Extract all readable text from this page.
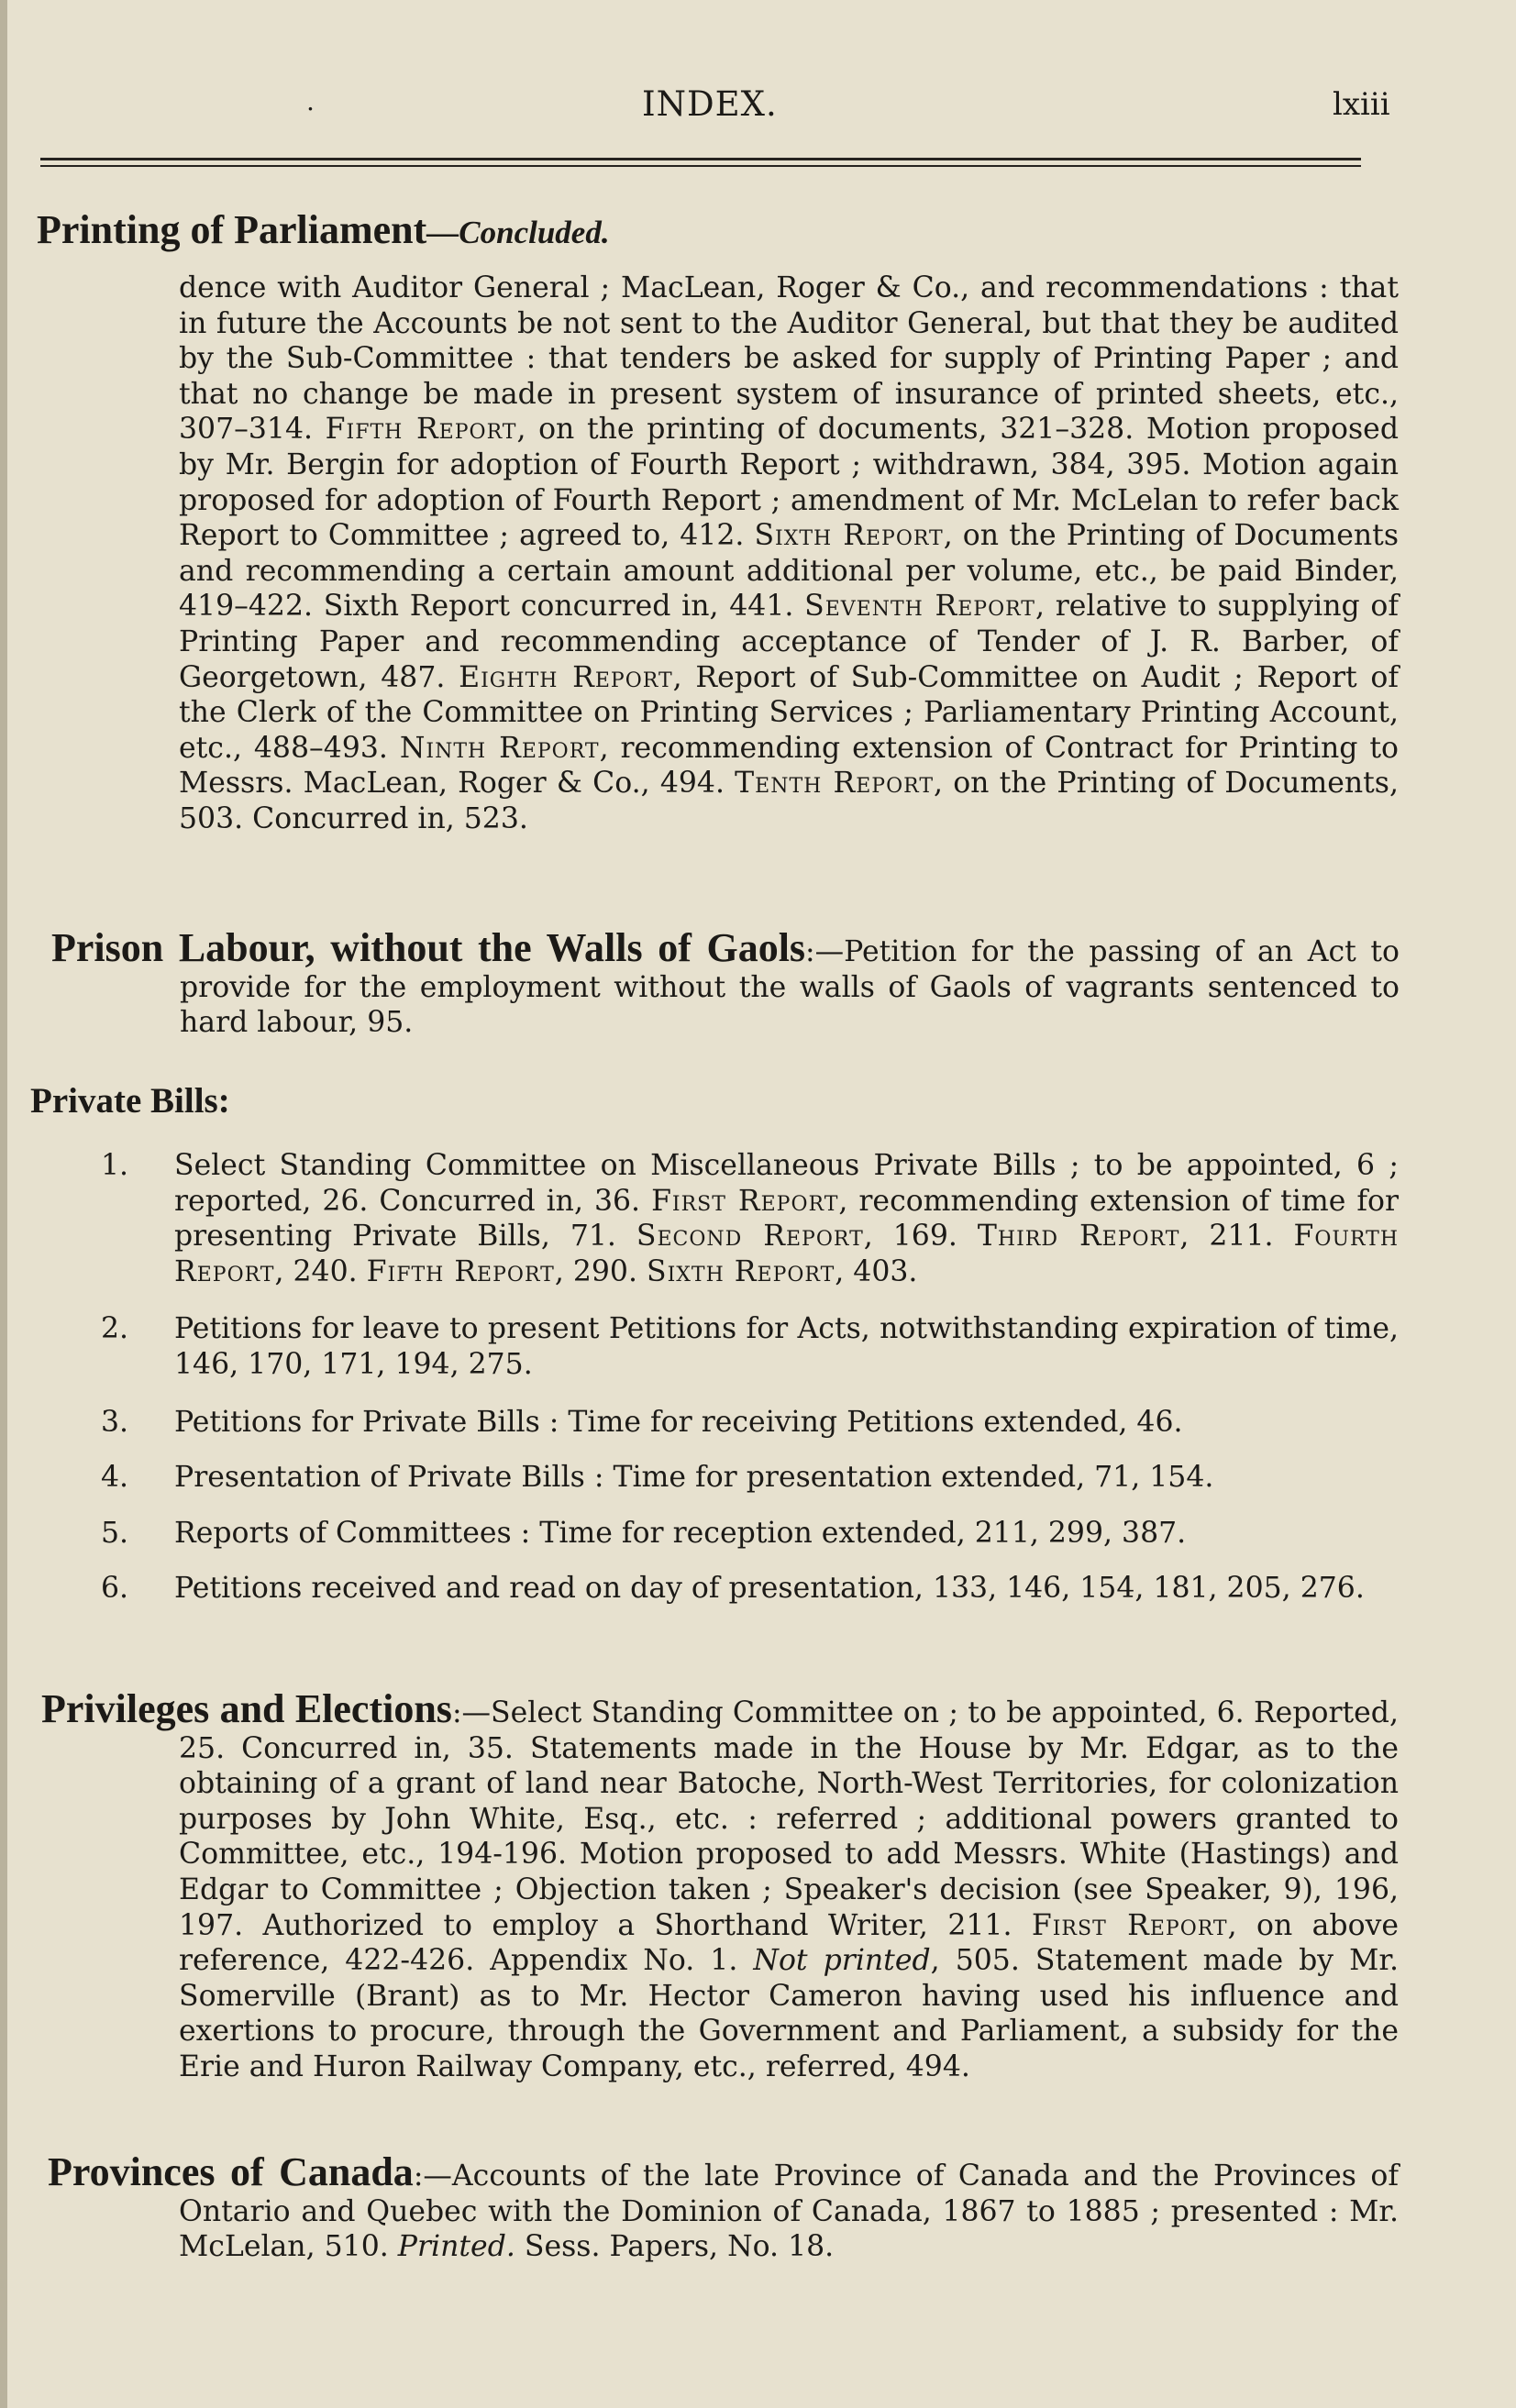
.	INDEX.	lxiii
Printing of Parliament—Concluded.

dence with Auditor General ; MacLean, Roger & Co., and recommendations : that in future the Accounts be not sent to the Auditor General, but that they be audited by the Sub-Committee : that tenders be asked for supply of Printing Paper ; and that no change be made in present system of insurance of printed sheets, etc., 307–314. Fifth Report, on the printing of documents, 321–328. Motion proposed by Mr. Bergin for adoption of Fourth Report ; withdrawn, 384, 395. Motion again proposed for adoption of Fourth Report ; amendment of Mr. McLelan to refer back Report to Committee ; agreed to, 412. Sixth Report, on the Printing of Documents and recommending a certain amount additional per volume, etc., be paid Binder, 419–422. Sixth Report concurred in, 441. Seventh Report, relative to supplying of Printing Paper and recommending acceptance of Tender of J. R. Barber, of Georgetown, 487. Eighth Report, Report of Sub-Committee on Audit ; Report of the Clerk of the Committee on Printing Services ; Parliamentary Printing Account, etc., 488–493. Ninth Report, recommending extension of Contract for Printing to Messrs. MacLean, Roger & Co., 494. Tenth Report, on the Printing of Documents, 503. Concurred in, 523.

Prison Labour, without the Walls of Gaols:—Petition for the passing of an Act to provide for the employment without the walls of Gaols of vagrants sentenced to hard labour, 95.

Private Bills:
1. Select Standing Committee on Miscellaneous Private Bills ; to be appointed, 6 ; reported, 26. Concurred in, 36. First Report, recommending extension of time for presenting Private Bills, 71. Second Report, 169. Third Report, 211. Fourth Report, 240. Fifth Report, 290. Sixth Report, 403.

2. Petitions for leave to present Petitions for Acts, notwithstanding expiration of time, 146, 170, 171, 194, 275.

3. Petitions for Private Bills : Time for receiving Petitions extended, 46.

4. Presentation of Private Bills : Time for presentation extended, 71, 154.

5. Reports of Committees : Time for reception extended, 211, 299, 387.

6. Petitions received and read on day of presentation, 133, 146, 154, 181, 205, 276.

Privileges and Elections:—Select Standing Committee on ; to be appointed, 6. Reported, 25. Concurred in, 35. Statements made in the House by Mr. Edgar, as to the obtaining of a grant of land near Batoche, North-West Territories, for colonization purposes by John White, Esq., etc. : referred ; additional powers granted to Committee, etc., 194-196. Motion proposed to add Messrs. White (Hastings) and Edgar to Committee ; Objection taken ; Speaker's decision (see Speaker, 9), 196, 197. Authorized to employ a Shorthand Writer, 211. First Report, on above reference, 422-426. Appendix No. 1. Not printed, 505. Statement made by Mr. Somerville (Brant) as to Mr. Hector Cameron having used his influence and exertions to procure, through the Government and Parliament, a subsidy for the Erie and Huron Railway Company, etc., referred, 494.

Provinces of Canada:—Accounts of the late Province of Canada and the Provinces of Ontario and Quebec with the Dominion of Canada, 1867 to 1885 ; presented : Mr. McLelan, 510. Printed. Sess. Papers, No. 18.
